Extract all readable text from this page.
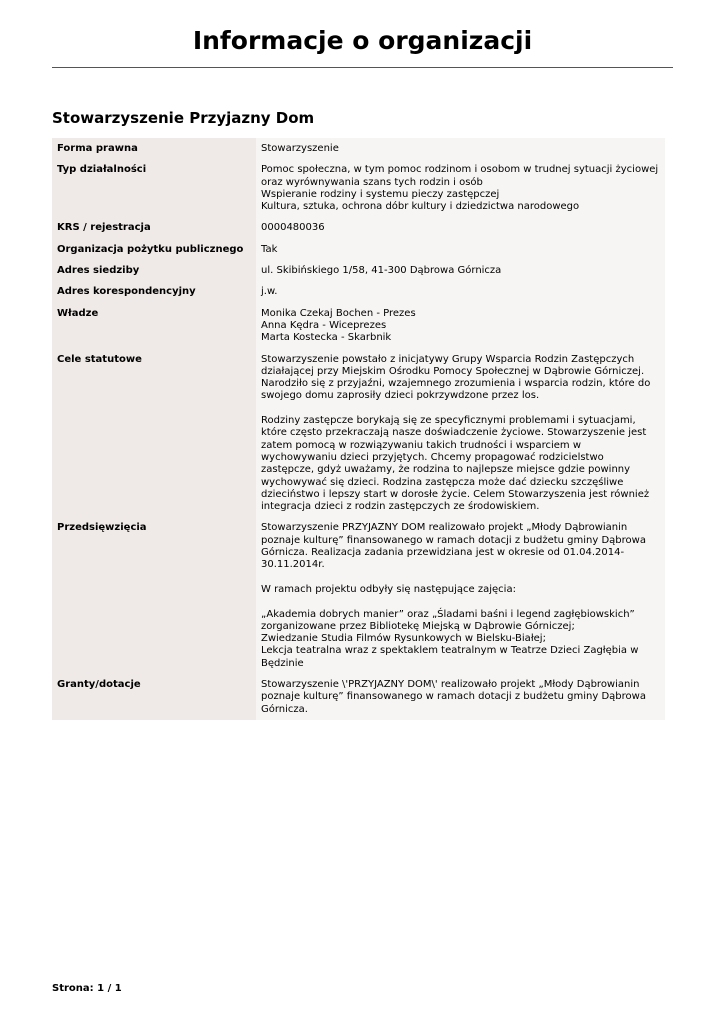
Informacje o organizacji
Stowarzyszenie Przyjazny Dom
Forma prawna	Stowarzyszenie
Typ działalności	Pomoc społeczna, w tym pomoc rodzinom i osobom w trudnej sytuacji życiowej oraz wyrównywania szans tych rodzin i osób
Wspieranie rodziny i systemu pieczy zastępczej
Kultura, sztuka, ochrona dóbr kultury i dziedzictwa narodowego
KRS / rejestracja	0000480036
Organizacja pożytku publicznego	Tak
Adres siedziby	ul. Skibińskiego 1/58, 41-300 Dąbrowa Górnicza
Adres korespondencyjny	j.w.
Władze	Monika Czekaj Bochen - Prezes
Anna Kędra - Wiceprezes
Marta Kostecka - Skarbnik
Cele statutowe	Stowarzyszenie powstało z inicjatywy Grupy Wsparcia Rodzin Zastępczych działającej przy Miejskim Ośrodku Pomocy Społecznej w Dąbrowie Górniczej. Narodziło się z przyjaźni, wzajemnego zrozumienia i wsparcia rodzin, które do swojego domu zaprosiły dzieci pokrzywdzone przez los.

Rodziny zastępcze borykają się ze specyficznymi problemami i sytuacjami, które często przekraczają nasze doświadczenie życiowe. Stowarzyszenie jest zatem pomocą w rozwiązywaniu takich trudności i wsparciem w wychowywaniu dzieci przyjętych. Chcemy propagować rodzicielstwo zastępcze, gdyż uważamy, że rodzina to najlepsze miejsce gdzie powinny wychowywać się dzieci. Rodzina zastępcza może dać dziecku szczęśliwe dzieciństwo i lepszy start w dorosłe życie. Celem Stowarzyszenia jest również integracja dzieci z rodzin zastępczych ze środowiskiem.
Przedsięwzięcia	Stowarzyszenie PRZYJAZNY DOM realizowało projekt „Młody Dąbrowianin poznaje kulturę” finansowanego w ramach dotacji z budżetu gminy Dąbrowa Górnicza. Realizacja zadania przewidziana jest w okresie od 01.04.2014-30.11.2014r.

W ramach projektu odbyły się następujące zajęcia:

„Akademia dobrych manier” oraz „Śladami baśni i legend zagłębiowskich” zorganizowane przez Bibliotekę Miejską w Dąbrowie Górniczej;
Zwiedzanie Studia Filmów Rysunkowych w Bielsku-Białej;
Lekcja teatralna wraz z spektaklem teatralnym w Teatrze Dzieci Zagłębia w Będzinie
Granty/dotacje	Stowarzyszenie \'PRZYJAZNY DOM\' realizowało projekt „Młody Dąbrowianin poznaje kulturę” finansowanego w ramach dotacji z budżetu gminy Dąbrowa Górnicza.
Strona: 1 / 1
